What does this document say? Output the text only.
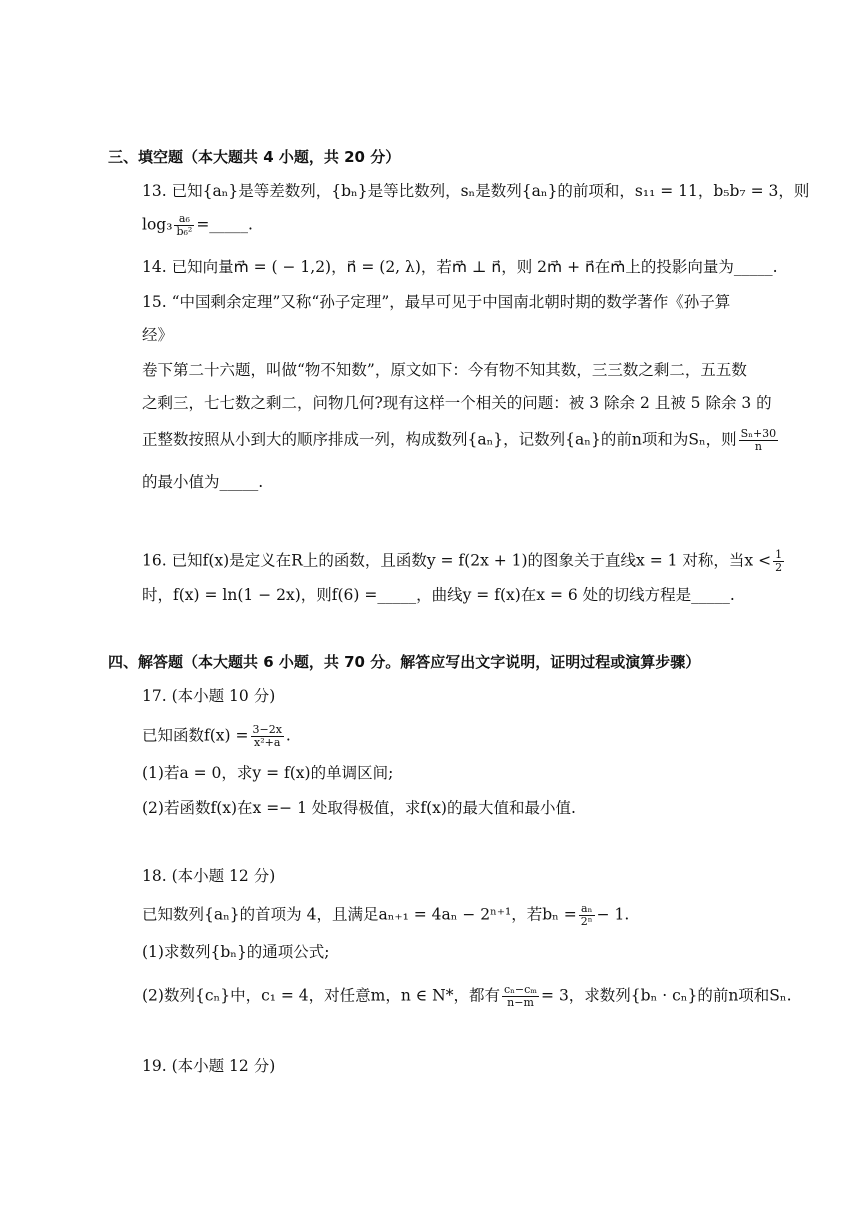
三、填空题（本大题共 4 小题，共 20 分）
13. 已知{aₙ}是等差数列，{bₙ}是等比数列，sₙ是数列{aₙ}的前项和，s₁₁ = 11，b₅b₇ = 3，则
$\log_3 \frac{\text{a₆}}{\text{b₆²}}$ =_____.
14. 已知向量m⃗ = ( − 1,2)，n⃗ = (2, λ)，若m⃗ ⊥ n⃗，则 2m⃗ + n⃗在m⃗上的投影向量为_____.
15. “中国剩余定理”又称“孙子定理”，最早可见于中国南北朝时期的数学著作《孙子算
经》
卷下第二十六题，叫做“物不知数”，原文如下：今有物不知其数，三三数之剩二，五五数
之剩三，七七数之剩二，问物几何?现有这样一个相关的问题：被 3 除余 2 且被 5 除余 3 的
正整数按照从小到大的顺序排成一列，构成数列{aₙ}，记数列{aₙ}的前n项和为Sₙ，则 $\frac{\text{Sₙ+30}}{n}$
的最小值为_____.
16. 已知f(x)是定义在R上的函数，且函数y = f(2x + 1)的图象关于直线x = 1 对称，当$x < \frac{1}{2}$
时，f(x) = ln(1 − 2x)，则f(6) =_____，曲线y = f(x)在x = 6 处的切线方程是_____.
四、解答题（本大题共 6 小题，共 70 分。解答应写出文字说明，证明过程或演算步骤）
17. (本小题 10 分)
已知函数$f(x) = \frac{3-2x}{\text{x²+a}}$ .
(1)若a = 0，求y = f(x)的单调区间;
(2)若函数f(x)在x =− 1 处取得极值，求f(x)的最大值和最小值.
18. (本小题 12 分)
已知数列{aₙ}的首项为 4，且满足aₙ₊₁ = 4aₙ − 2ⁿ⁺¹，若$b_n = \frac{\text{aₙ}}{\text{2ⁿ}} - 1$.
(1)求数列{bₙ}的通项公式;
(2)数列{cₙ}中，c₁ = 4，对任意m，n ∈ N*，都有 $\frac{\text{cₙ−cₘ}}{n-m} = 3$，求数列{bₙ · cₙ}的前n项和Sₙ.
19. (本小题 12 分)
